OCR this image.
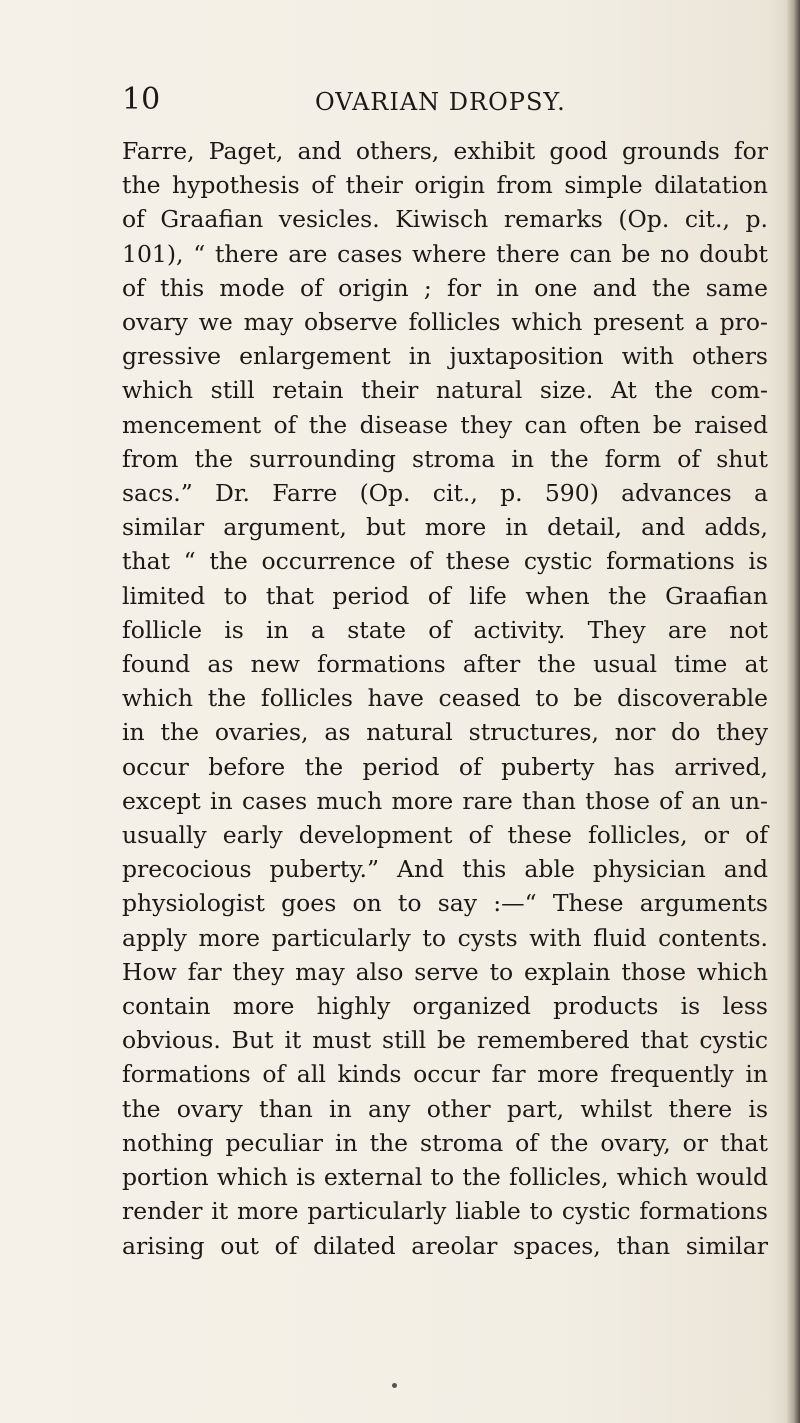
10	OVARIAN DROPSY.
Farre, Paget, and others, exhibit good grounds for
the hypothesis of their origin from simple dilatation
of Graafian vesicles. Kiwisch remarks (Op. cit., p.
101), “ there are cases where there can be no doubt
of this mode of origin ; for in one and the same
ovary we may observe follicles which present a pro-
gressive enlargement in juxtaposition with others
which still retain their natural size. At the com-
mencement of the disease they can often be raised
from the surrounding stroma in the form of shut
sacs.” Dr. Farre (Op. cit., p. 590) advances a
similar argument, but more in detail, and adds,
that “ the occurrence of these cystic formations is
limited to that period of life when the Graafian
follicle is in a state of activity. They are not
found as new formations after the usual time at
which the follicles have ceased to be discoverable
in the ovaries, as natural structures, nor do they
occur before the period of puberty has arrived,
except in cases much more rare than those of an un-
usually early development of these follicles, or of
precocious puberty.” And this able physician and
physiologist goes on to say :—“ These arguments
apply more particularly to cysts with fluid contents.
How far they may also serve to explain those which
contain more highly organized products is less
obvious. But it must still be remembered that cystic
formations of all kinds occur far more frequently in
the ovary than in any other part, whilst there is
nothing peculiar in the stroma of the ovary, or that
portion which is external to the follicles, which would
render it more particularly liable to cystic formations
arising out of dilated areolar spaces, than similar
